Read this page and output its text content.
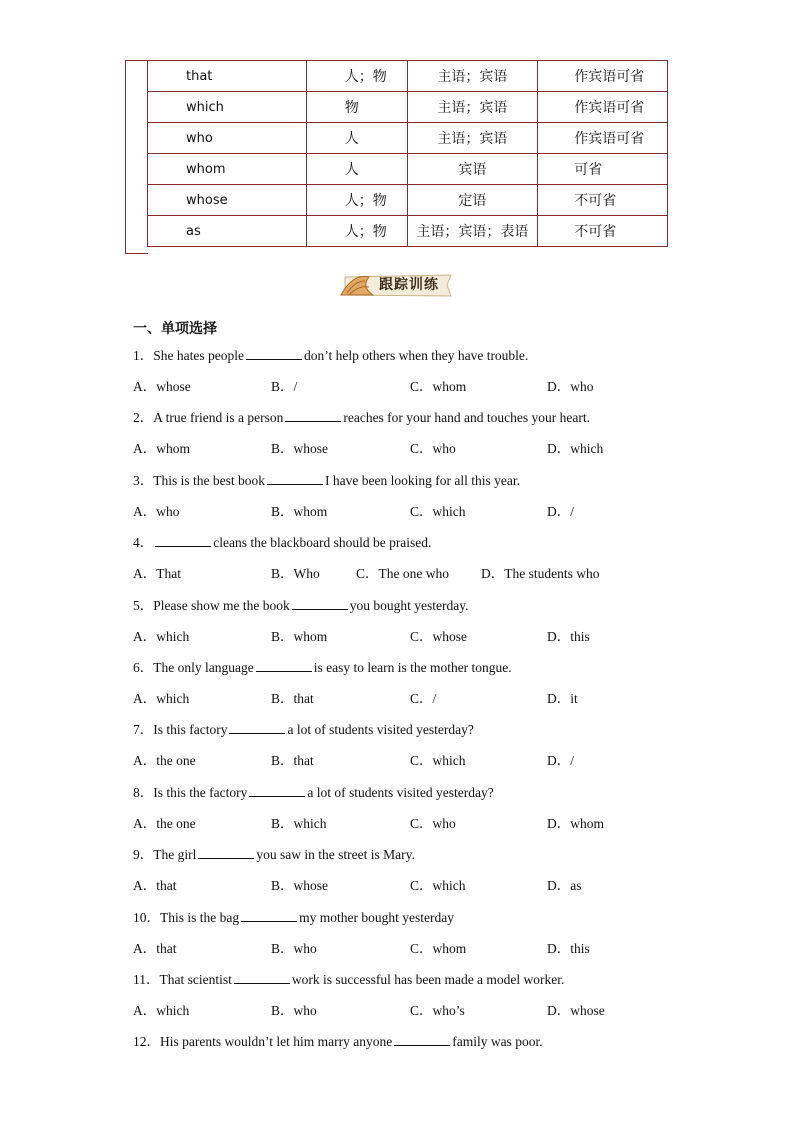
that	人；物	主语；宾语	作宾语可省
which	物	主语；宾语	作宾语可省
who	人	主语；宾语	作宾语可省
whom	人	宾语	可省
whose	人；物	定语	不可省
as	人；物	主语；宾语；表语	不可省
跟踪训练
一、单项选择
1．She hates people	don’t help others when they have trouble.
A．whose	B．/	C．whom	D．who
2．A true friend is a person	reaches for your hand and touches your heart.
A．whom	B．whose	C．who	D．which
3．This is the best book	I have been looking for all this year.
A．who	B．whom	C．which	D．/
4．	cleans the blackboard should be praised.
A．That	B．Who	C．The one who D．The students who
5．Please show me the book	you bought yesterday.
A．which	B．whom	C．whose	D．this
6．The only language	is easy to learn is the mother tongue.
A．which	B．that	C．/	D．it
7．Is this factory	a lot of students visited yesterday?
A．the one	B．that	C．which	D．/
8．Is this the factory	a lot of students visited yesterday?
A．the one	B．which	C．who	D．whom
9．The girl	you saw in the street is Mary.
A．that	B．whose	C．which	D．as
10．This is the bag	my mother bought yesterday
A．that	B．who	C．whom	D．this
11．That scientist	work is successful has been made a model worker.
A．which	B．who	C．who’s	D．whose
12．His parents wouldn’t let him marry anyone	family was poor.
